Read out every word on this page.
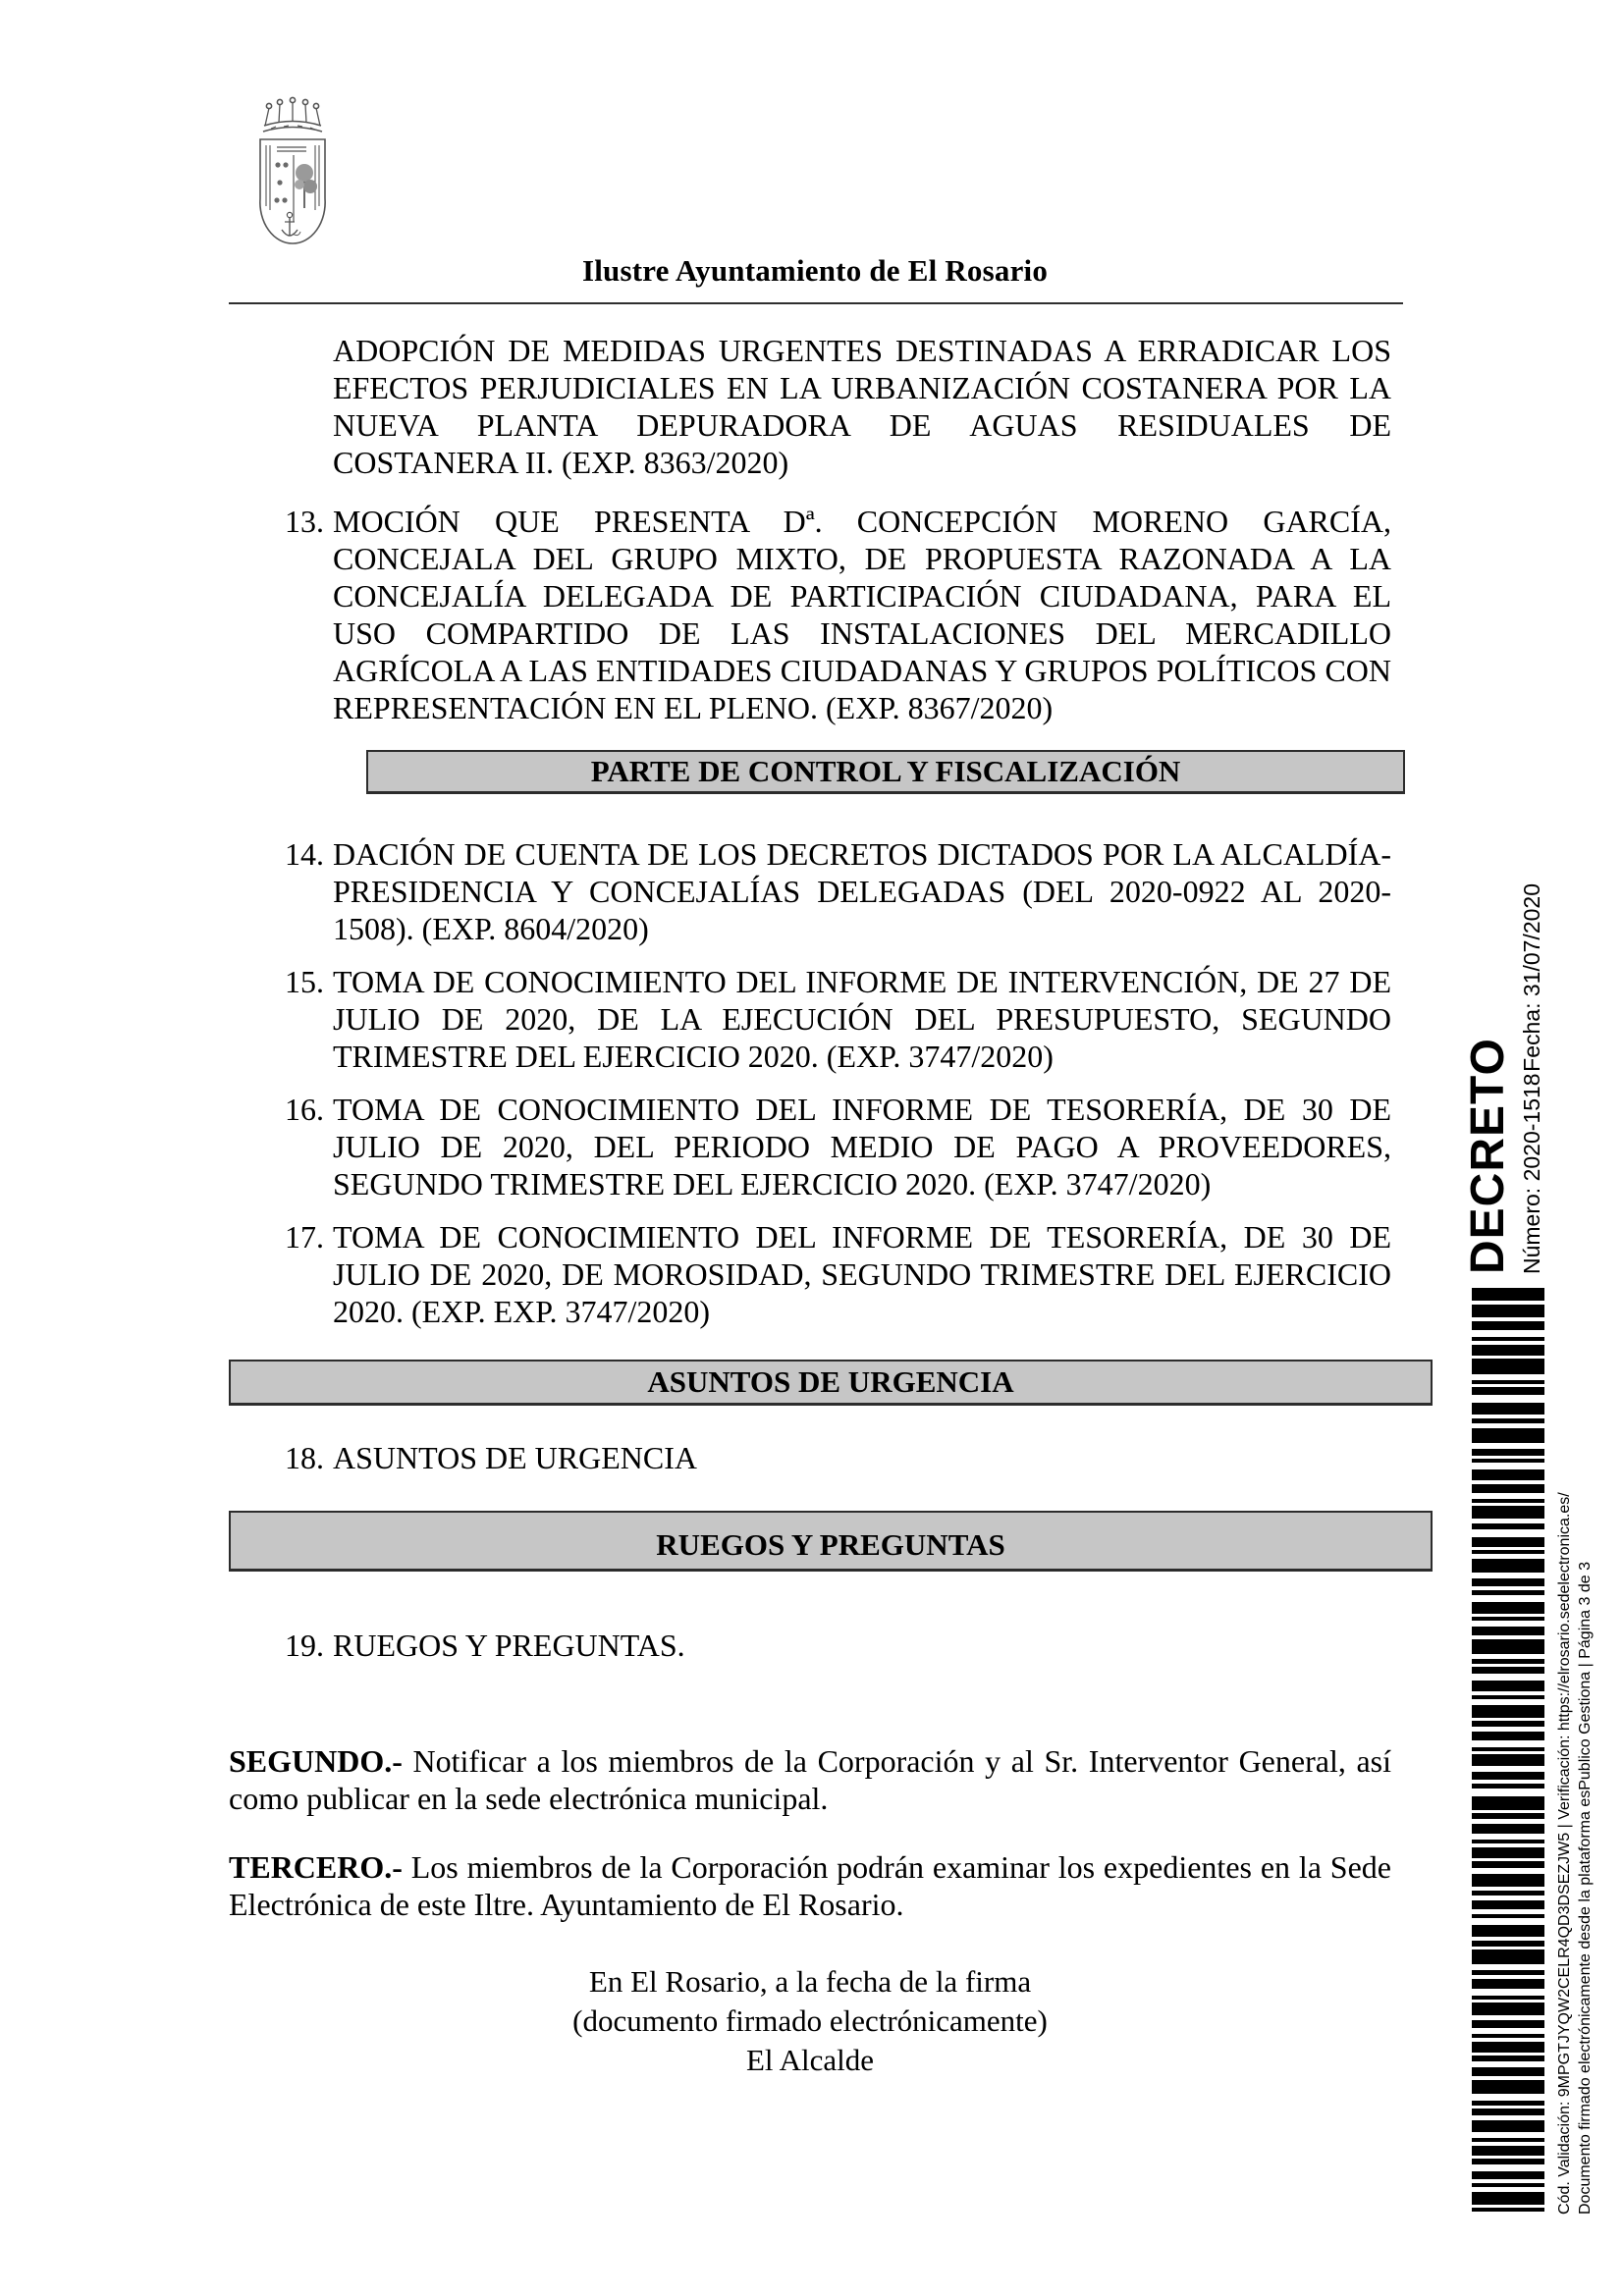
Ilustre Ayuntamiento de El Rosario
ADOPCIÓN DE MEDIDAS URGENTES DESTINADAS A ERRADICAR LOS EFECTOS PERJUDICIALES EN LA URBANIZACIÓN COSTANERA POR LA NUEVA PLANTA DEPURADORA DE AGUAS RESIDUALES DE COSTANERA II. (EXP. 8363/2020)
13. MOCIÓN QUE PRESENTA Dª. CONCEPCIÓN MORENO GARCÍA, CONCEJALA DEL GRUPO MIXTO, DE PROPUESTA RAZONADA A LA CONCEJALÍA DELEGADA DE PARTICIPACIÓN CIUDADANA, PARA EL USO COMPARTIDO DE LAS INSTALACIONES DEL MERCADILLO AGRÍCOLA A LAS ENTIDADES CIUDADANAS Y GRUPOS POLÍTICOS CON REPRESENTACIÓN EN EL PLENO. (EXP. 8367/2020)
PARTE DE CONTROL Y FISCALIZACIÓN
14. DACIÓN DE CUENTA DE LOS DECRETOS DICTADOS POR LA ALCALDÍA-PRESIDENCIA Y CONCEJALÍAS DELEGADAS (DEL 2020-0922 AL 2020-1508). (EXP. 8604/2020)
15. TOMA DE CONOCIMIENTO DEL INFORME DE INTERVENCIÓN, DE 27 DE JULIO DE 2020, DE LA EJECUCIÓN DEL PRESUPUESTO, SEGUNDO TRIMESTRE DEL EJERCICIO 2020. (EXP. 3747/2020)
16. TOMA DE CONOCIMIENTO DEL INFORME DE TESORERÍA, DE 30 DE JULIO DE 2020, DEL PERIODO MEDIO DE PAGO A PROVEEDORES, SEGUNDO TRIMESTRE DEL EJERCICIO 2020. (EXP. 3747/2020)
17. TOMA DE CONOCIMIENTO DEL INFORME DE TESORERÍA, DE 30 DE JULIO DE 2020, DE MOROSIDAD, SEGUNDO TRIMESTRE DEL EJERCICIO 2020. (EXP. EXP. 3747/2020)
ASUNTOS DE URGENCIA
18. ASUNTOS DE URGENCIA
RUEGOS Y PREGUNTAS
19. RUEGOS Y PREGUNTAS.

SEGUNDO.- Notificar a los miembros de la Corporación y al Sr. Interventor General, así como publicar en la sede electrónica municipal.

TERCERO.- Los miembros de la Corporación podrán examinar los expedientes en la Sede Electrónica de este Iltre. Ayuntamiento de El Rosario.

En El Rosario, a la fecha de la firma
(documento firmado electrónicamente)
El Alcalde
DECRETO Número: 2020-1518
Fecha: 31/07/2020
Cód. Validación: 9MPGTJYQW2CELR4QD3DSEZJW5 | Verificación: https://elrosario.sedelectronica.es/ Documento firmado electrónicamente desde la plataforma esPublico Gestiona | Página 3 de 3
